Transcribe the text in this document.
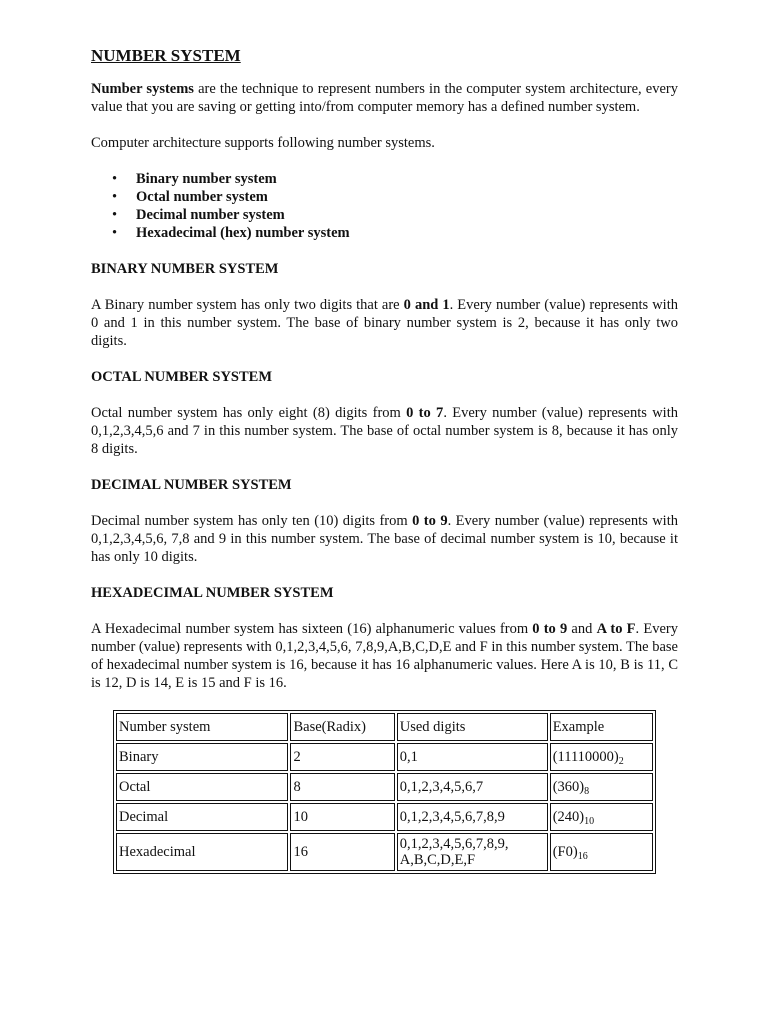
NUMBER SYSTEM

Number systems are the technique to represent numbers in the computer system architecture, every value that you are saving or getting into/from computer memory has a defined number system.

Computer architecture supports following number systems.

• Binary number system
• Octal number system
• Decimal number system
• Hexadecimal (hex) number system
BINARY NUMBER SYSTEM

A Binary number system has only two digits that are 0 and 1. Every number (value) represents with 0 and 1 in this number system. The base of binary number system is 2, because it has only two digits.

OCTAL NUMBER SYSTEM

Octal number system has only eight (8) digits from 0 to 7. Every number (value) represents with 0,1,2,3,4,5,6 and 7 in this number system. The base of octal number system is 8, because it has only 8 digits.

DECIMAL NUMBER SYSTEM

Decimal number system has only ten (10) digits from 0 to 9. Every number (value) represents with 0,1,2,3,4,5,6, 7,8 and 9 in this number system. The base of decimal number system is 10, because it has only 10 digits.

HEXADECIMAL NUMBER SYSTEM

A Hexadecimal number system has sixteen (16) alphanumeric values from 0 to 9 and A to F. Every number (value) represents with 0,1,2,3,4,5,6, 7,8,9,A,B,C,D,E and F in this number system. The base of hexadecimal number system is 16, because it has 16 alphanumeric values. Here A is 10, B is 11, C is 12, D is 14, E is 15 and F is 16.

Number system	Base(Radix)	Used digits	Example
Binary	2	0,1	$(11110000)_2$
Octal	8	0,1,2,3,4,5,6,7	$(360)_8$
Decimal	10	0,1,2,3,4,5,6,7,8,9	$(240)_{10}$
Hexadecimal	16	0,1,2,3,4,5,6,7,8,9,
A,B,C,D,E,F	$(F0)_{16}$
